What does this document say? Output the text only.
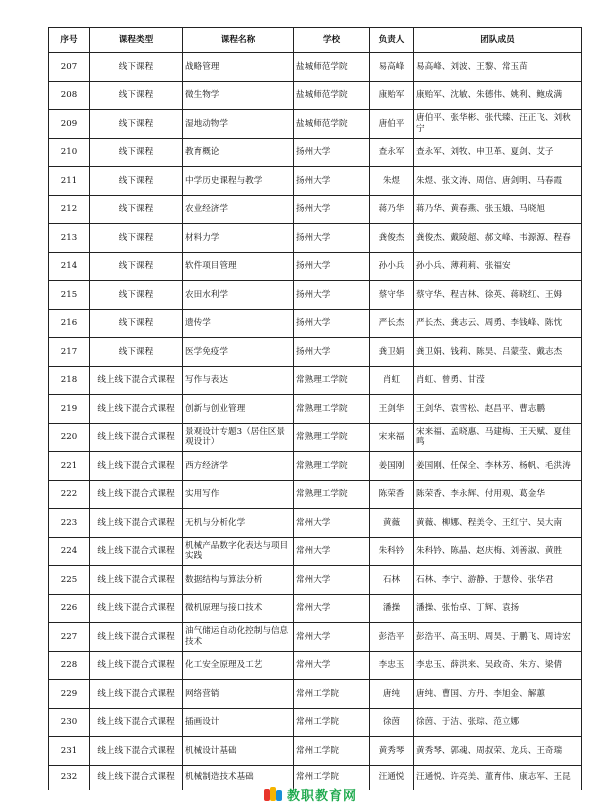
序号	课程类型	课程名称	学校	负责人	团队成员
207	线下课程	战略管理	盐城师范学院	易高峰	易高峰、刘波、王黎、常玉苗
208	线下课程	微生物学	盐城师范学院	康贻军	康贻军、沈敏、朱德伟、姚利、鲍成满
209	线下课程	湿地动物学	盐城师范学院	唐伯平	唐伯平、张华彬、张代臻、汪正飞、刘秋宁
210	线下课程	教育概论	扬州大学	查永军	查永军、刘牧、申卫革、夏剑、艾子
211	线下课程	中学历史课程与教学	扬州大学	朱煜	朱煜、张文涛、周信、唐剑明、马春霞
212	线下课程	农业经济学	扬州大学	蒋乃华	蒋乃华、黄春燕、张玉娥、马晓旭
213	线下课程	材料力学	扬州大学	龚俊杰	龚俊杰、戴陵超、郝文峰、韦源源、程春
214	线下课程	软件项目管理	扬州大学	孙小兵	孙小兵、薄莉莉、张福安
215	线下课程	农田水利学	扬州大学	蔡守华	蔡守华、程吉林、徐英、蒋晓红、王姆
216	线下课程	遗传学	扬州大学	严长杰	严长杰、龚志云、周勇、李钱峰、陈忱
217	线下课程	医学免疫学	扬州大学	龚卫娟	龚卫娟、钱莉、陈昊、吕蒙莹、戴志杰
218	线上线下混合式课程	写作与表达	常熟理工学院	肖虹	肖虹、曾勇、甘滢
219	线上线下混合式课程	创新与创业管理	常熟理工学院	王剑华	王剑华、袁雪松、赵昌平、曹志鹏
220	线上线下混合式课程	景观设计专题3（居住区景观设计）	常熟理工学院	宋来福	宋来福、孟晓惠、马建梅、王天赋、夏佳鸣
221	线上线下混合式课程	西方经济学	常熟理工学院	姜国刚	姜国刚、任保全、李林芳、杨帆、毛洪涛
222	线上线下混合式课程	实用写作	常熟理工学院	陈荣香	陈荣香、李永辉、付用观、葛金华
223	线上线下混合式课程	无机与分析化学	常州大学	黄薇	黄薇、柳娜、程美令、王红宁、吴大南
224	线上线下混合式课程	机械产品数字化表达与项目实践	常州大学	朱科钤	朱科钤、陈晶、赵庆梅、刘善淑、黄胜
225	线上线下混合式课程	数据结构与算法分析	常州大学	石林	石林、李宁、游静、于慧伶、张华君
226	线上线下混合式课程	微机原理与接口技术	常州大学	潘操	潘操、张怡卓、丁辉、袁扬
227	线上线下混合式课程	油气储运自动化控制与信息技术	常州大学	彭浩平	彭浩平、高玉明、周昊、于鹏飞、周诗宏
228	线上线下混合式课程	化工安全原理及工艺	常州大学	李忠玉	李忠玉、薛洪来、吴政奇、朱方、梁倩
229	线上线下混合式课程	网络营销	常州工学院	唐纯	唐纯、曹国、方丹、李旭金、解蕙
230	线上线下混合式课程	插画设计	常州工学院	徐茵	徐茵、于洁、张琮、范立娜
231	线上线下混合式课程	机械设计基础	常州工学院	黄秀琴	黄秀琴、郭魂、周叔荣、龙兵、王奇瑞
232	线上线下混合式课程	机械制造技术基础	常州工学院	汪通悦	汪通悦、许亮美、董育伟、康志军、王昆
教职教育网
